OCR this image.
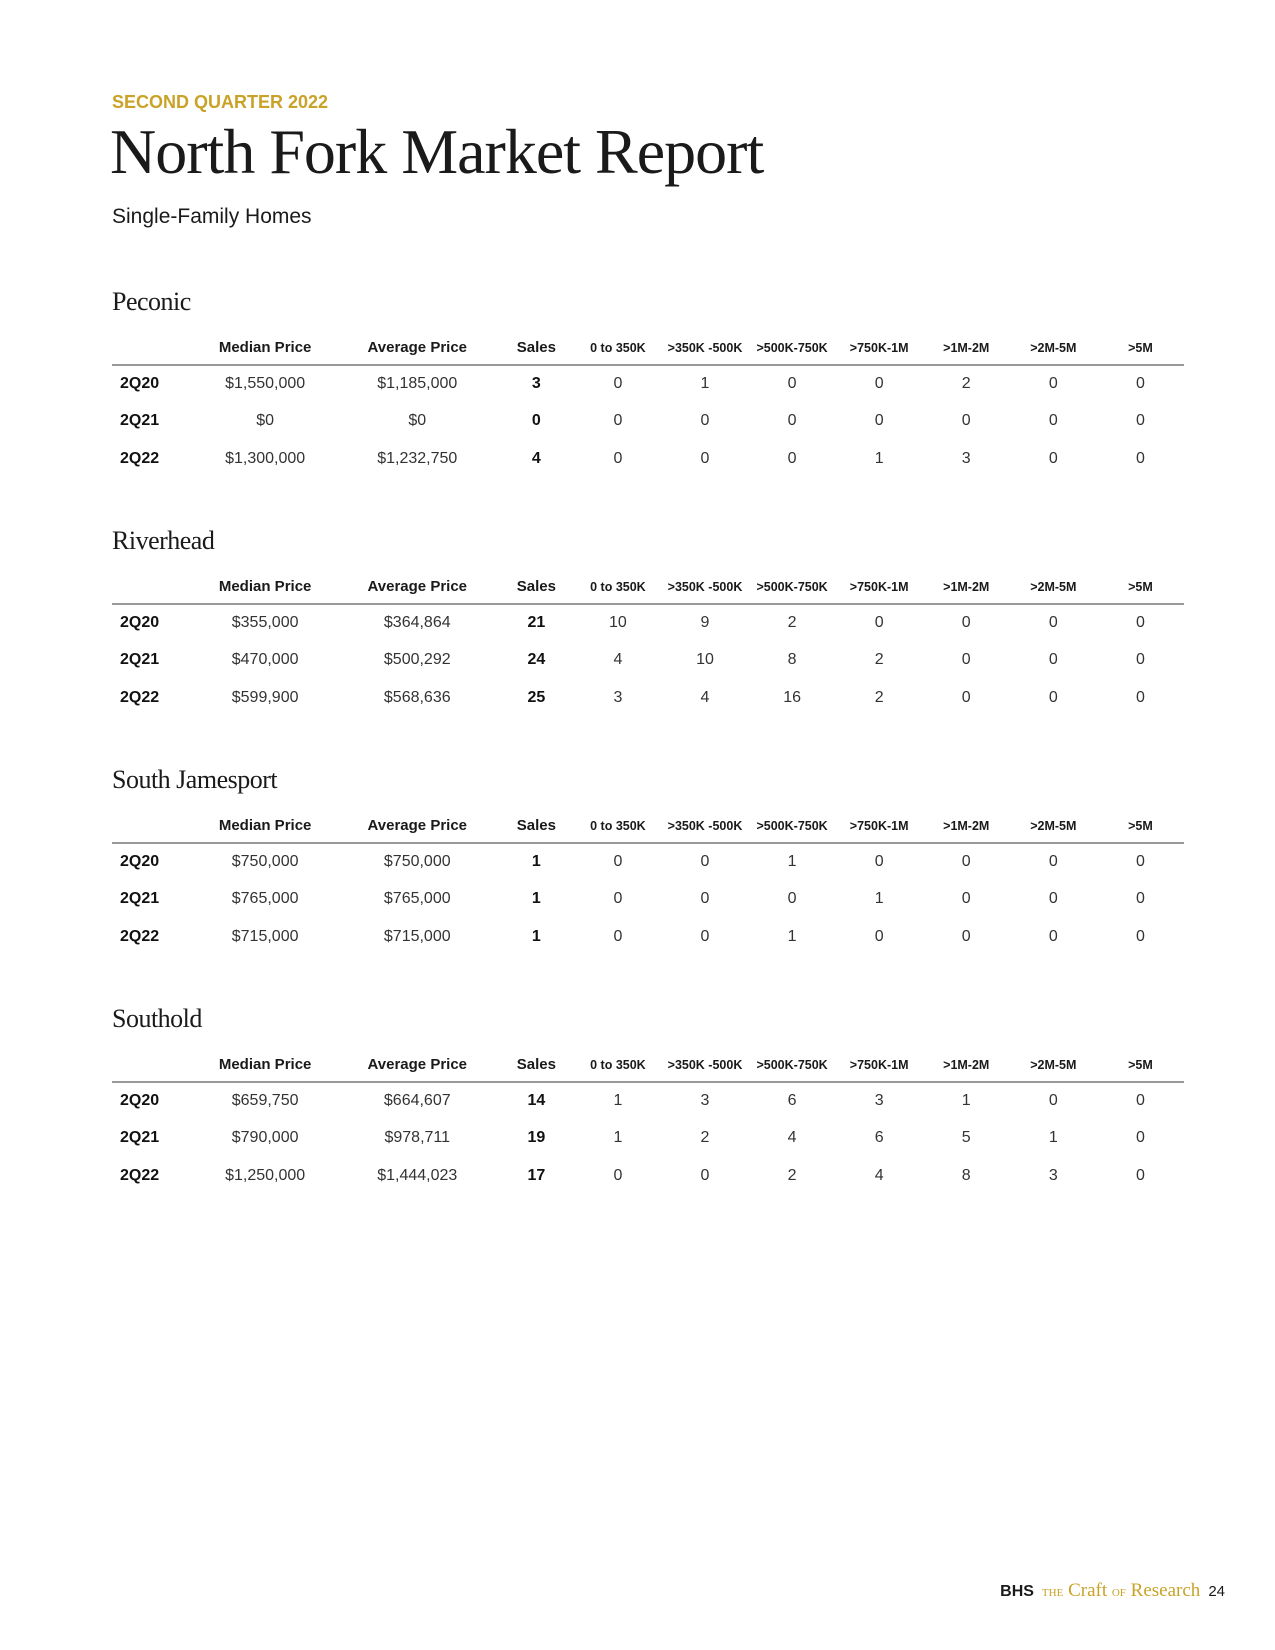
SECOND QUARTER 2022
North Fork Market Report
Single-Family Homes
Peconic
	Median Price	Average Price	Sales	0 to 350K	>350K -500K	>500K-750K	>750K-1M	>1M-2M	>2M-5M	>5M
2Q20	$1,550,000	$1,185,000	3	0	1	0	0	2	0	0
2Q21	$0	$0	0	0	0	0	0	0	0	0
2Q22	$1,300,000	$1,232,750	4	0	0	0	1	3	0	0
Riverhead
	Median Price	Average Price	Sales	0 to 350K	>350K -500K	>500K-750K	>750K-1M	>1M-2M	>2M-5M	>5M
2Q20	$355,000	$364,864	21	10	9	2	0	0	0	0
2Q21	$470,000	$500,292	24	4	10	8	2	0	0	0
2Q22	$599,900	$568,636	25	3	4	16	2	0	0	0
South Jamesport
	Median Price	Average Price	Sales	0 to 350K	>350K -500K	>500K-750K	>750K-1M	>1M-2M	>2M-5M	>5M
2Q20	$750,000	$750,000	1	0	0	1	0	0	0	0
2Q21	$765,000	$765,000	1	0	0	0	1	0	0	0
2Q22	$715,000	$715,000	1	0	0	1	0	0	0	0
Southold
	Median Price	Average Price	Sales	0 to 350K	>350K -500K	>500K-750K	>750K-1M	>1M-2M	>2M-5M	>5M
2Q20	$659,750	$664,607	14	1	3	6	3	1	0	0
2Q21	$790,000	$978,711	19	1	2	4	6	5	1	0
2Q22	$1,250,000	$1,444,023	17	0	0	2	4	8	3	0
BHS THE Craft OF Research 24
